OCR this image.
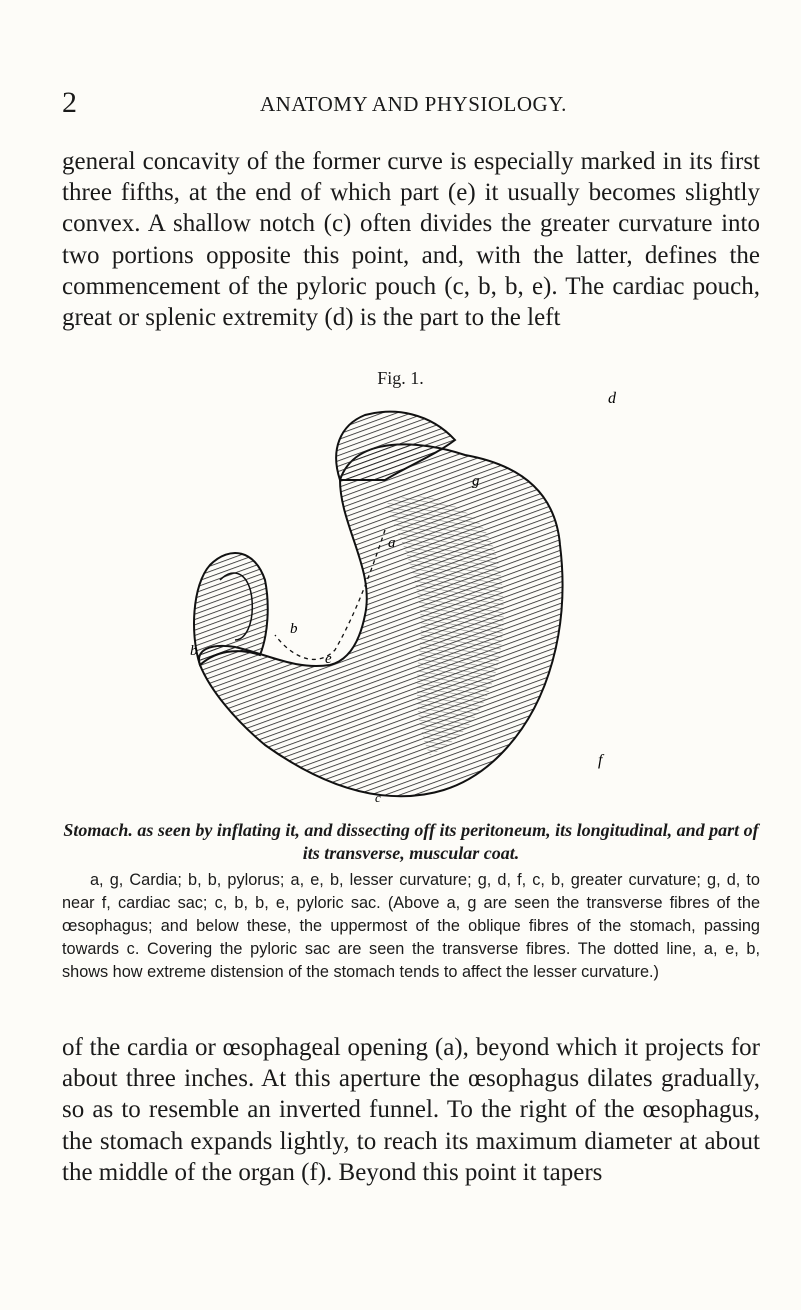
2	ANATOMY AND PHYSIOLOGY.

general concavity of the former curve is especially marked in its first three fifths, at the end of which part (e) it usually becomes slightly convex. A shallow notch (c) often divides the greater curvature into two portions opposite this point, and, with the latter, defines the commencement of the pyloric pouch (c, b, b, e). The cardiac pouch, great or splenic extremity (d) is the part to the left

Fig. 1.
d
g
a
b
b	e
f
c

Stomach. as seen by inflating it, and dissecting off its peritoneum, its longitudinal, and part of its transverse, muscular coat.

a, g, Cardia; b, b, pylorus; a, e, b, lesser curvature; g, d, f, c, b, greater curvature; g, d, to near f, cardiac sac; c, b, b, e, pyloric sac. (Above a, g are seen the transverse fibres of the œsophagus; and below these, the uppermost of the oblique fibres of the stomach, passing towards c. Covering the pyloric sac are seen the transverse fibres. The dotted line, a, e, b, shows how extreme distension of the stomach tends to affect the lesser curvature.)

of the cardia or œsophageal opening (a), beyond which it projects for about three inches. At this aperture the œsophagus dilates gradually, so as to resemble an inverted funnel. To the right of the œsophagus, the stomach expands lightly, to reach its maximum diameter at about the middle of the organ (f). Beyond this point it tapers
